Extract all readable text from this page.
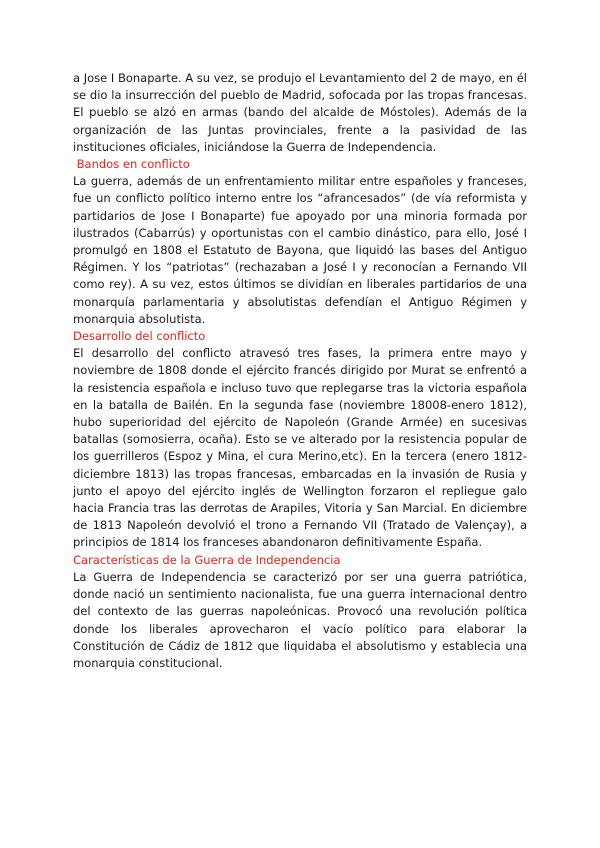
a Jose I Bonaparte. A su vez, se produjo el Levantamiento del 2 de mayo, en él se dio la insurrección del pueblo de Madrid, sofocada por las tropas francesas. El pueblo se alzó en armas (bando del alcalde de Móstoles). Además de la organización de las Juntas provinciales, frente a la pasividad de las instituciones oficiales, iniciándose la Guerra de Independencia.

Bandos en conflicto

La guerra, además de un enfrentamiento militar entre españoles y franceses, fue un conflicto político interno entre los “afrancesados” (de vía reformista y partidarios de Jose I Bonaparte) fue apoyado por una minoria formada por ilustrados (Cabarrús) y oportunistas con el cambio dinástico, para ello, José I promulgó en 1808 el Estatuto de Bayona, que liquidó las bases del Antiguo Régimen. Y los “patriotas” (rechazaban a José I y reconocían a Fernando VII como rey). A su vez, estos últimos se dividían en liberales partidarios de una monarquía parlamentaria y absolutistas defendían el Antiguo Régimen y monarquia absolutista.

Desarrollo del conflicto

El desarrollo del conflicto atravesó tres fases, la primera entre mayo y noviembre de 1808 donde el ejército francés dirigido por Murat se enfrentó a la resistencia española e incluso tuvo que replegarse tras la victoria española en la batalla de Bailén. En la segunda fase (noviembre 18008-enero 1812), hubo superioridad del ejército de Napoleón (Grande Armée) en sucesivas batallas (somosierra, ocaña). Esto se ve alterado por la resistencia popular de los guerrilleros (Espoz y Mina, el cura Merino,etc). En la tercera (enero 1812-diciembre 1813) las tropas francesas, embarcadas en la invasión de Rusia y junto el apoyo del ejército inglés de Wellington forzaron el repliegue galo hacia Francia tras las derrotas de Arapiles, Vitoria y San Marcial. En diciembre de 1813 Napoleón devolvió el trono a Fernando VII (Tratado de Valençay), a principios de 1814 los franceses abandonaron definitivamente España.

Características de la Guerra de Independencia

La Guerra de Independencia se caracterizó por ser una guerra patriótica, donde nació un sentimiento nacionalista, fue una guerra internacional dentro del contexto de las guerras napoleónicas. Provocó una revolución política donde los liberales aprovecharon el vacío político para elaborar la Constitución de Cádiz de 1812 que liquidaba el absolutismo y establecia una monarquia constitucional.
